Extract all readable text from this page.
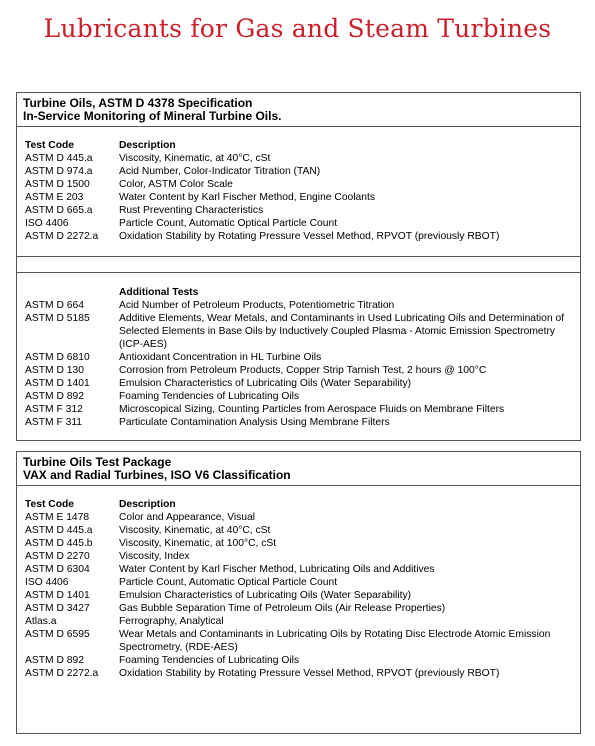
Lubricants for Gas and Steam Turbines
Turbine Oils, ASTM D 4378 Specification
In-Service Monitoring of Mineral Turbine Oils.
Test Code	Description
ASTM D 445.a	Viscosity, Kinematic, at 40°C, cSt
ASTM D 974.a	Acid Number, Color-Indicator Titration (TAN)
ASTM D 1500	Color, ASTM Color Scale
ASTM E 203	Water Content by Karl Fischer Method, Engine Coolants
ASTM D 665.a	Rust Preventing Characteristics
ISO 4406	Particle Count, Automatic Optical Particle Count
ASTM D 2272.a	Oxidation Stability by Rotating Pressure Vessel Method, RPVOT (previously RBOT)
Additional Tests
ASTM D 664	Acid Number of Petroleum Products, Potentiometric Titration
ASTM D 5185	Additive Elements, Wear Metals, and Contaminants in Used Lubricating Oils and Determination of Selected Elements in Base Oils by Inductively Coupled Plasma - Atomic Emission Spectrometry (ICP-AES)
ASTM D 6810	Antioxidant Concentration in HL Turbine Oils
ASTM D 130	Corrosion from Petroleum Products, Copper Strip Tarnish Test, 2 hours @ 100°C
ASTM D 1401	Emulsion Characteristics of Lubricating Oils (Water Separability)
ASTM D 892	Foaming Tendencies of Lubricating Oils
ASTM F 312	Microscopical Sizing, Counting Particles from Aerospace Fluids on Membrane Filters
ASTM F 311	Particulate Contamination Analysis Using Membrane Filters
Turbine Oils Test Package
VAX and Radial Turbines, ISO V6 Classification
Test Code	Description
ASTM E 1478	Color and Appearance, Visual
ASTM D 445.a	Viscosity, Kinematic, at 40°C, cSt
ASTM D 445.b	Viscosity, Kinematic, at 100°C, cSt
ASTM D 2270	Viscosity, Index
ASTM D 6304	Water Content by Karl Fischer Method, Lubricating Oils and Additives
ISO 4406	Particle Count, Automatic Optical Particle Count
ASTM D 1401	Emulsion Characteristics of Lubricating Oils (Water Separability)
ASTM D 3427	Gas Bubble Separation Time of Petroleum Oils (Air Release Properties)
Atlas.a	Ferrography, Analytical
ASTM D 6595	Wear Metals and Contaminants in Lubricating Oils by Rotating Disc Electrode Atomic Emission Spectrometry, (RDE-AES)
ASTM D 892	Foaming Tendencies of Lubricating Oils
ASTM D 2272.a	Oxidation Stability by Rotating Pressure Vessel Method, RPVOT (previously RBOT)
